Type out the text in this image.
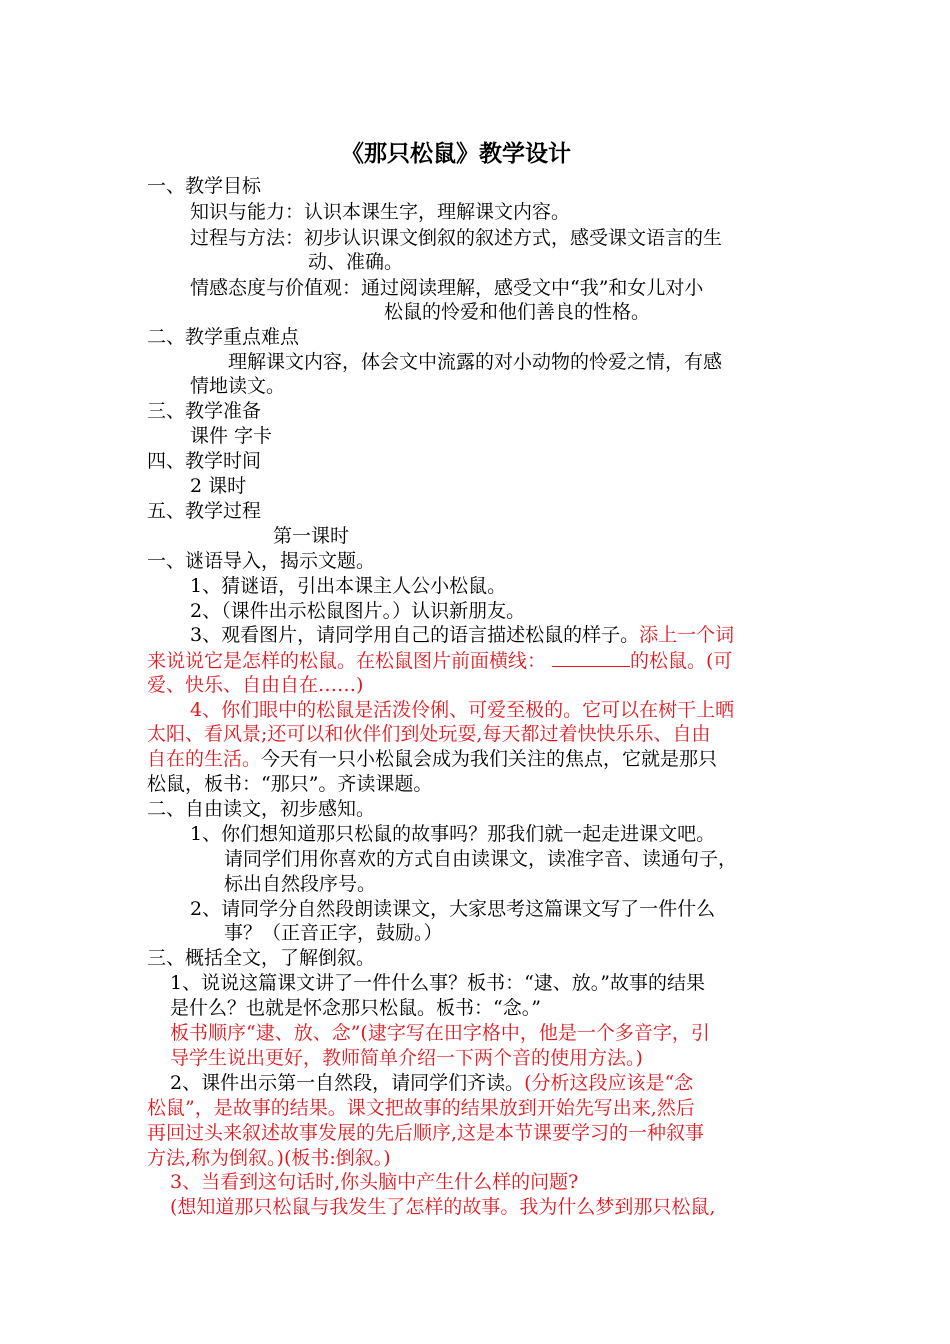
《那只松鼠》教学设计
一、教学目标
知识与能力：认识本课生字，理解课文内容。
过程与方法：初步认识课文倒叙的叙述方式，感受课文语言的生
动、准确。
情感态度与价值观：通过阅读理解，感受文中“我”和女儿对小
松鼠的怜爱和他们善良的性格。
二、教学重点难点
理解课文内容，体会文中流露的对小动物的怜爱之情，有感
情地读文。
三、教学准备
课件 字卡
四、教学时间
2 课时
五、教学过程
第一课时
一、谜语导入，揭示文题。
1、猜谜语，引出本课主人公小松鼠。
2、（课件出示松鼠图片。）认识新朋友。
3、观看图片，请同学用自己的语言描述松鼠的样子。添上一个词
来说说它是怎样的松鼠。在松鼠图片前面横线：	的松鼠。(可
爱、快乐、自由自在……)
4、你们眼中的松鼠是活泼伶俐、可爱至极的。它可以在树干上晒
太阳、看风景;还可以和伙伴们到处玩耍,每天都过着快快乐乐、自由
自在的生活。今天有一只小松鼠会成为我们关注的焦点，它就是那只
松鼠，板书：“那只”。齐读课题。
二、自由读文，初步感知。
1、你们想知道那只松鼠的故事吗？那我们就一起走进课文吧。
请同学们用你喜欢的方式自由读课文，读准字音、读通句子，
标出自然段序号。
2、请同学分自然段朗读课文，大家思考这篇课文写了一件什么
事？（正音正字，鼓励。）
三、概括全文，了解倒叙。
1、说说这篇课文讲了一件什么事？板书：“逮、放。”故事的结果
是什么？也就是怀念那只松鼠。板书：“念。”
板书顺序“逮、放、念”(逮字写在田字格中，他是一个多音字，引
导学生说出更好，教师简单介绍一下两个音的使用方法。)
2、课件出示第一自然段，请同学们齐读。(分析这段应该是“念
松鼠”，是故事的结果。课文把故事的结果放到开始先写出来,然后
再回过头来叙述故事发展的先后顺序,这是本节课要学习的一种叙事
方法,称为倒叙。)(板书:倒叙。)
3、当看到这句话时,你头脑中产生什么样的问题?
(想知道那只松鼠与我发生了怎样的故事。我为什么梦到那只松鼠,
